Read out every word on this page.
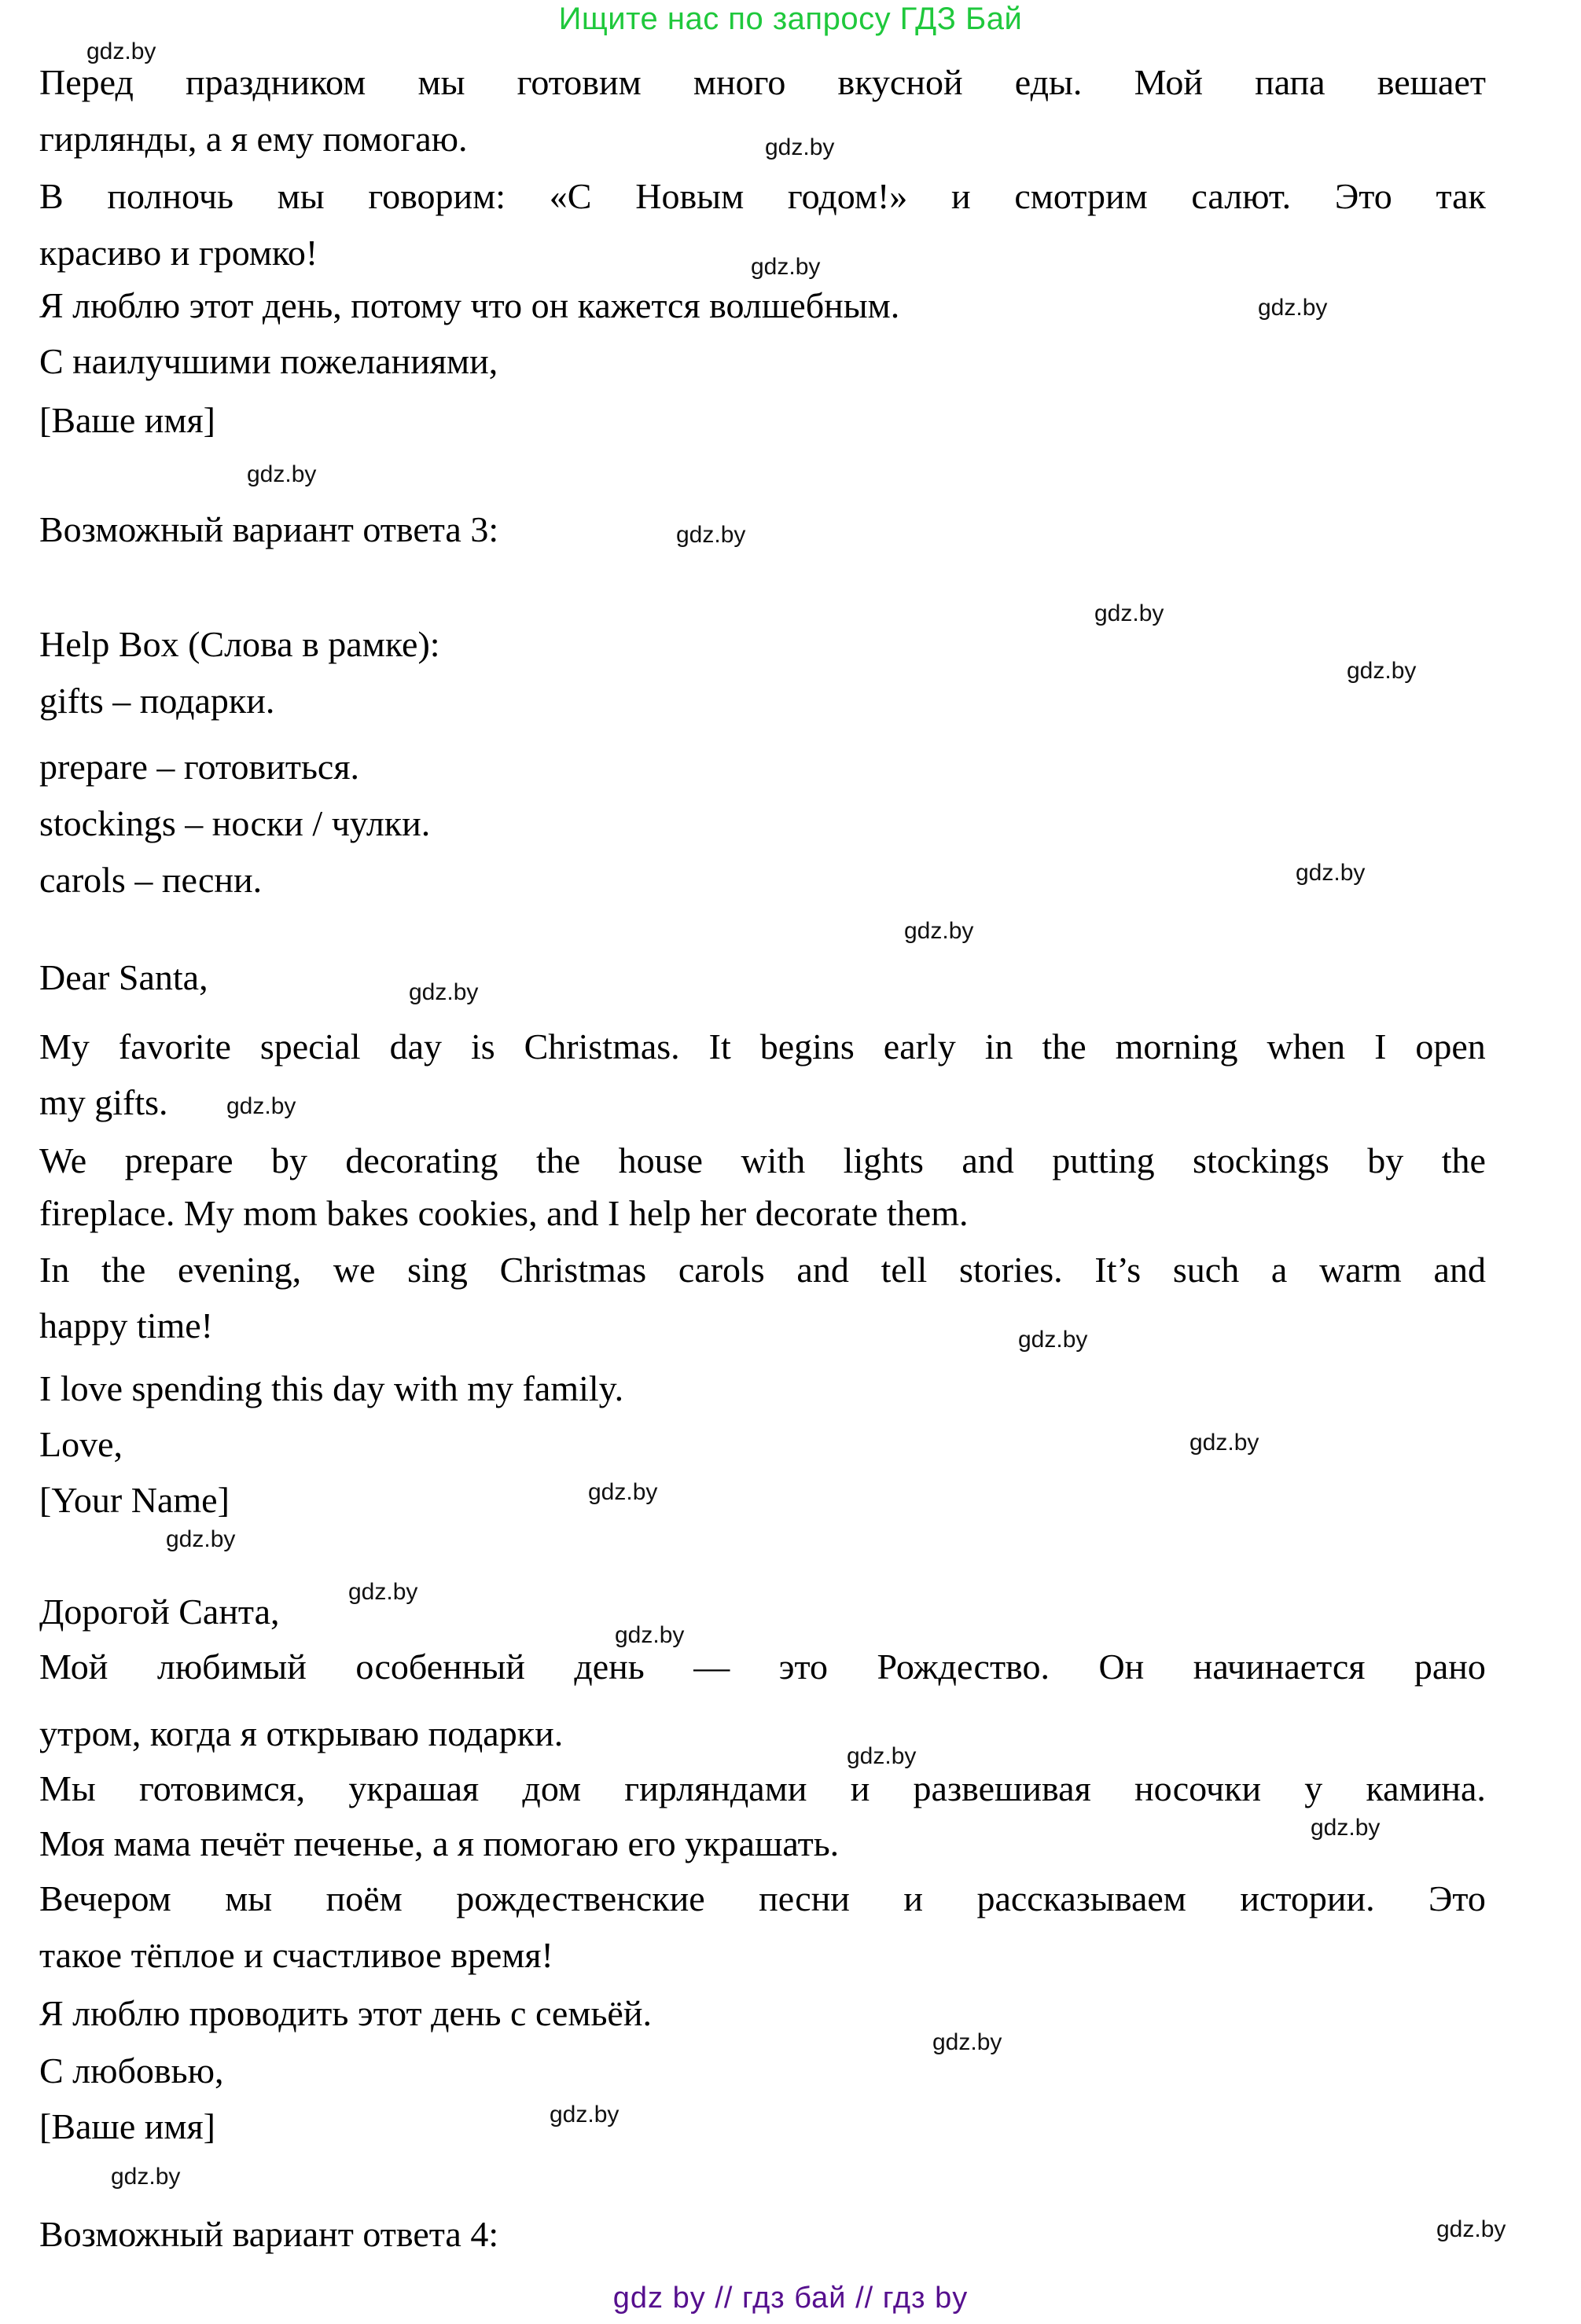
Ищите нас по запросу ГДЗ Бай
Перед праздником мы готовим много вкусной еды. Мой папа вешает
гирлянды, а я ему помогаю.
В полночь мы говорим: «С Новым годом!» и смотрим салют. Это так
красиво и громко!
Я люблю этот день, потому что он кажется волшебным.
С наилучшими пожеланиями,
[Ваше имя]
Возможный вариант ответа 3:
Help Box (Слова в рамке):
gifts – подарки.
prepare – готовиться.
stockings – носки / чулки.
carols – песни.
Dear Santa,
My favorite special day is Christmas. It begins early in the morning when I open
my gifts.
We prepare by decorating the house with lights and putting stockings by the
fireplace. My mom bakes cookies, and I help her decorate them.
In the evening, we sing Christmas carols and tell stories. It’s such a warm and
happy time!
I love spending this day with my family.
Love,
[Your Name]
Дорогой Санта,
Мой любимый особенный день — это Рождество. Он начинается рано
утром, когда я открываю подарки.
Мы готовимся, украшая дом гирляндами и развешивая носочки у камина.
Моя мама печёт печенье, а я помогаю его украшать.
Вечером мы поём рождественские песни и рассказываем истории. Это
такое тёплое и счастливое время!
Я люблю проводить этот день с семьёй.
С любовью,
[Ваше имя]
Возможный вариант ответа 4:
gdz.by
gdz.by
gdz.by
gdz.by
gdz.by
gdz.by
gdz.by
gdz.by
gdz.by
gdz.by
gdz.by
gdz.by
gdz.by
gdz.by
gdz.by
gdz.by
gdz.by
gdz.by
gdz.by
gdz.by
gdz.by
gdz.by
gdz.by
gdz.by
gdz by // гдз бай // гдз by
